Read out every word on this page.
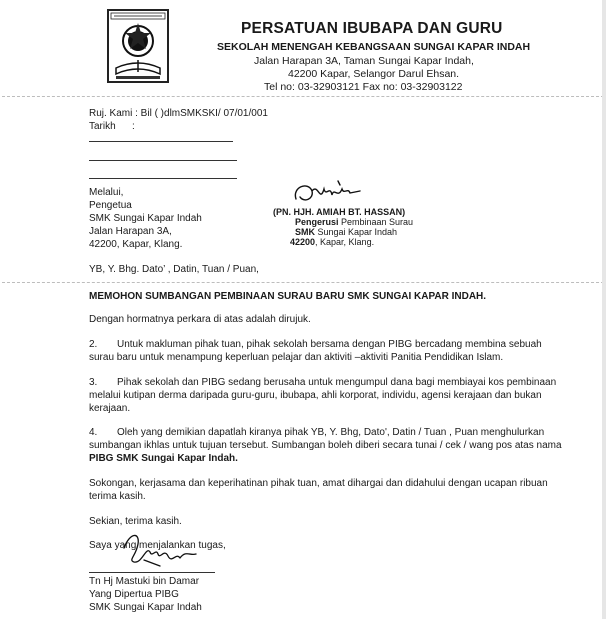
PERSATUAN IBUBAPA DAN GURU
SEKOLAH MENENGAH KEBANGSAAN SUNGAI KAPAR INDAH
Jalan Harapan 3A, Taman Sungai Kapar Indah,
42200 Kapar, Selangor Darul Ehsan.
Tel no: 03-32903121 Fax no: 03-32903122
Ruj. Kami : Bil ( )dlmSMKSKI/ 07/01/001
Tarikh :
Melalui,
Pengetua
SMK Sungai Kapar Indah
Jalan Harapan 3A,
42200, Kapar, Klang.
(PN. HJH. AMIAH BT. HASSAN)
Pengerusi Pembinaan Surau
SMK Sungai Kapar Indah
42200, Kapar, Klang.
YB, Y. Bhg. Dato’ , Datin, Tuan / Puan,
MEMOHON SUMBANGAN PEMBINAAN SURAU BARU SMK SUNGAI KAPAR INDAH.
Dengan hormatnya perkara di atas adalah dirujuk.
2. Untuk makluman pihak tuan, pihak sekolah bersama dengan PIBG bercadang membina sebuah
surau baru untuk menampung keperluan pelajar dan aktiviti –aktiviti Panitia Pendidikan Islam.
3. Pihak sekolah dan PIBG sedang berusaha untuk mengumpul dana bagi membiayai kos pembinaan
melalui kutipan derma daripada guru-guru, ibubapa, ahli korporat, individu, agensi kerajaan dan bukan
kerajaan.
4. Oleh yang demikian dapatlah kiranya pihak YB, Y. Bhg, Dato', Datin / Tuan , Puan menghulurkan
sumbangan ikhlas untuk tujuan tersebut. Sumbangan boleh diberi secara tunai / cek / wang pos atas nama
PIBG SMK Sungai Kapar Indah.
Sokongan, kerjasama dan keperihatinan pihak tuan, amat dihargai dan didahului dengan ucapan ribuan
terima kasih.
Sekian, terima kasih.
Saya yang menjalankan tugas,
Tn Hj Mastuki bin Damar
Yang Dipertua PIBG
SMK Sungai Kapar Indah
